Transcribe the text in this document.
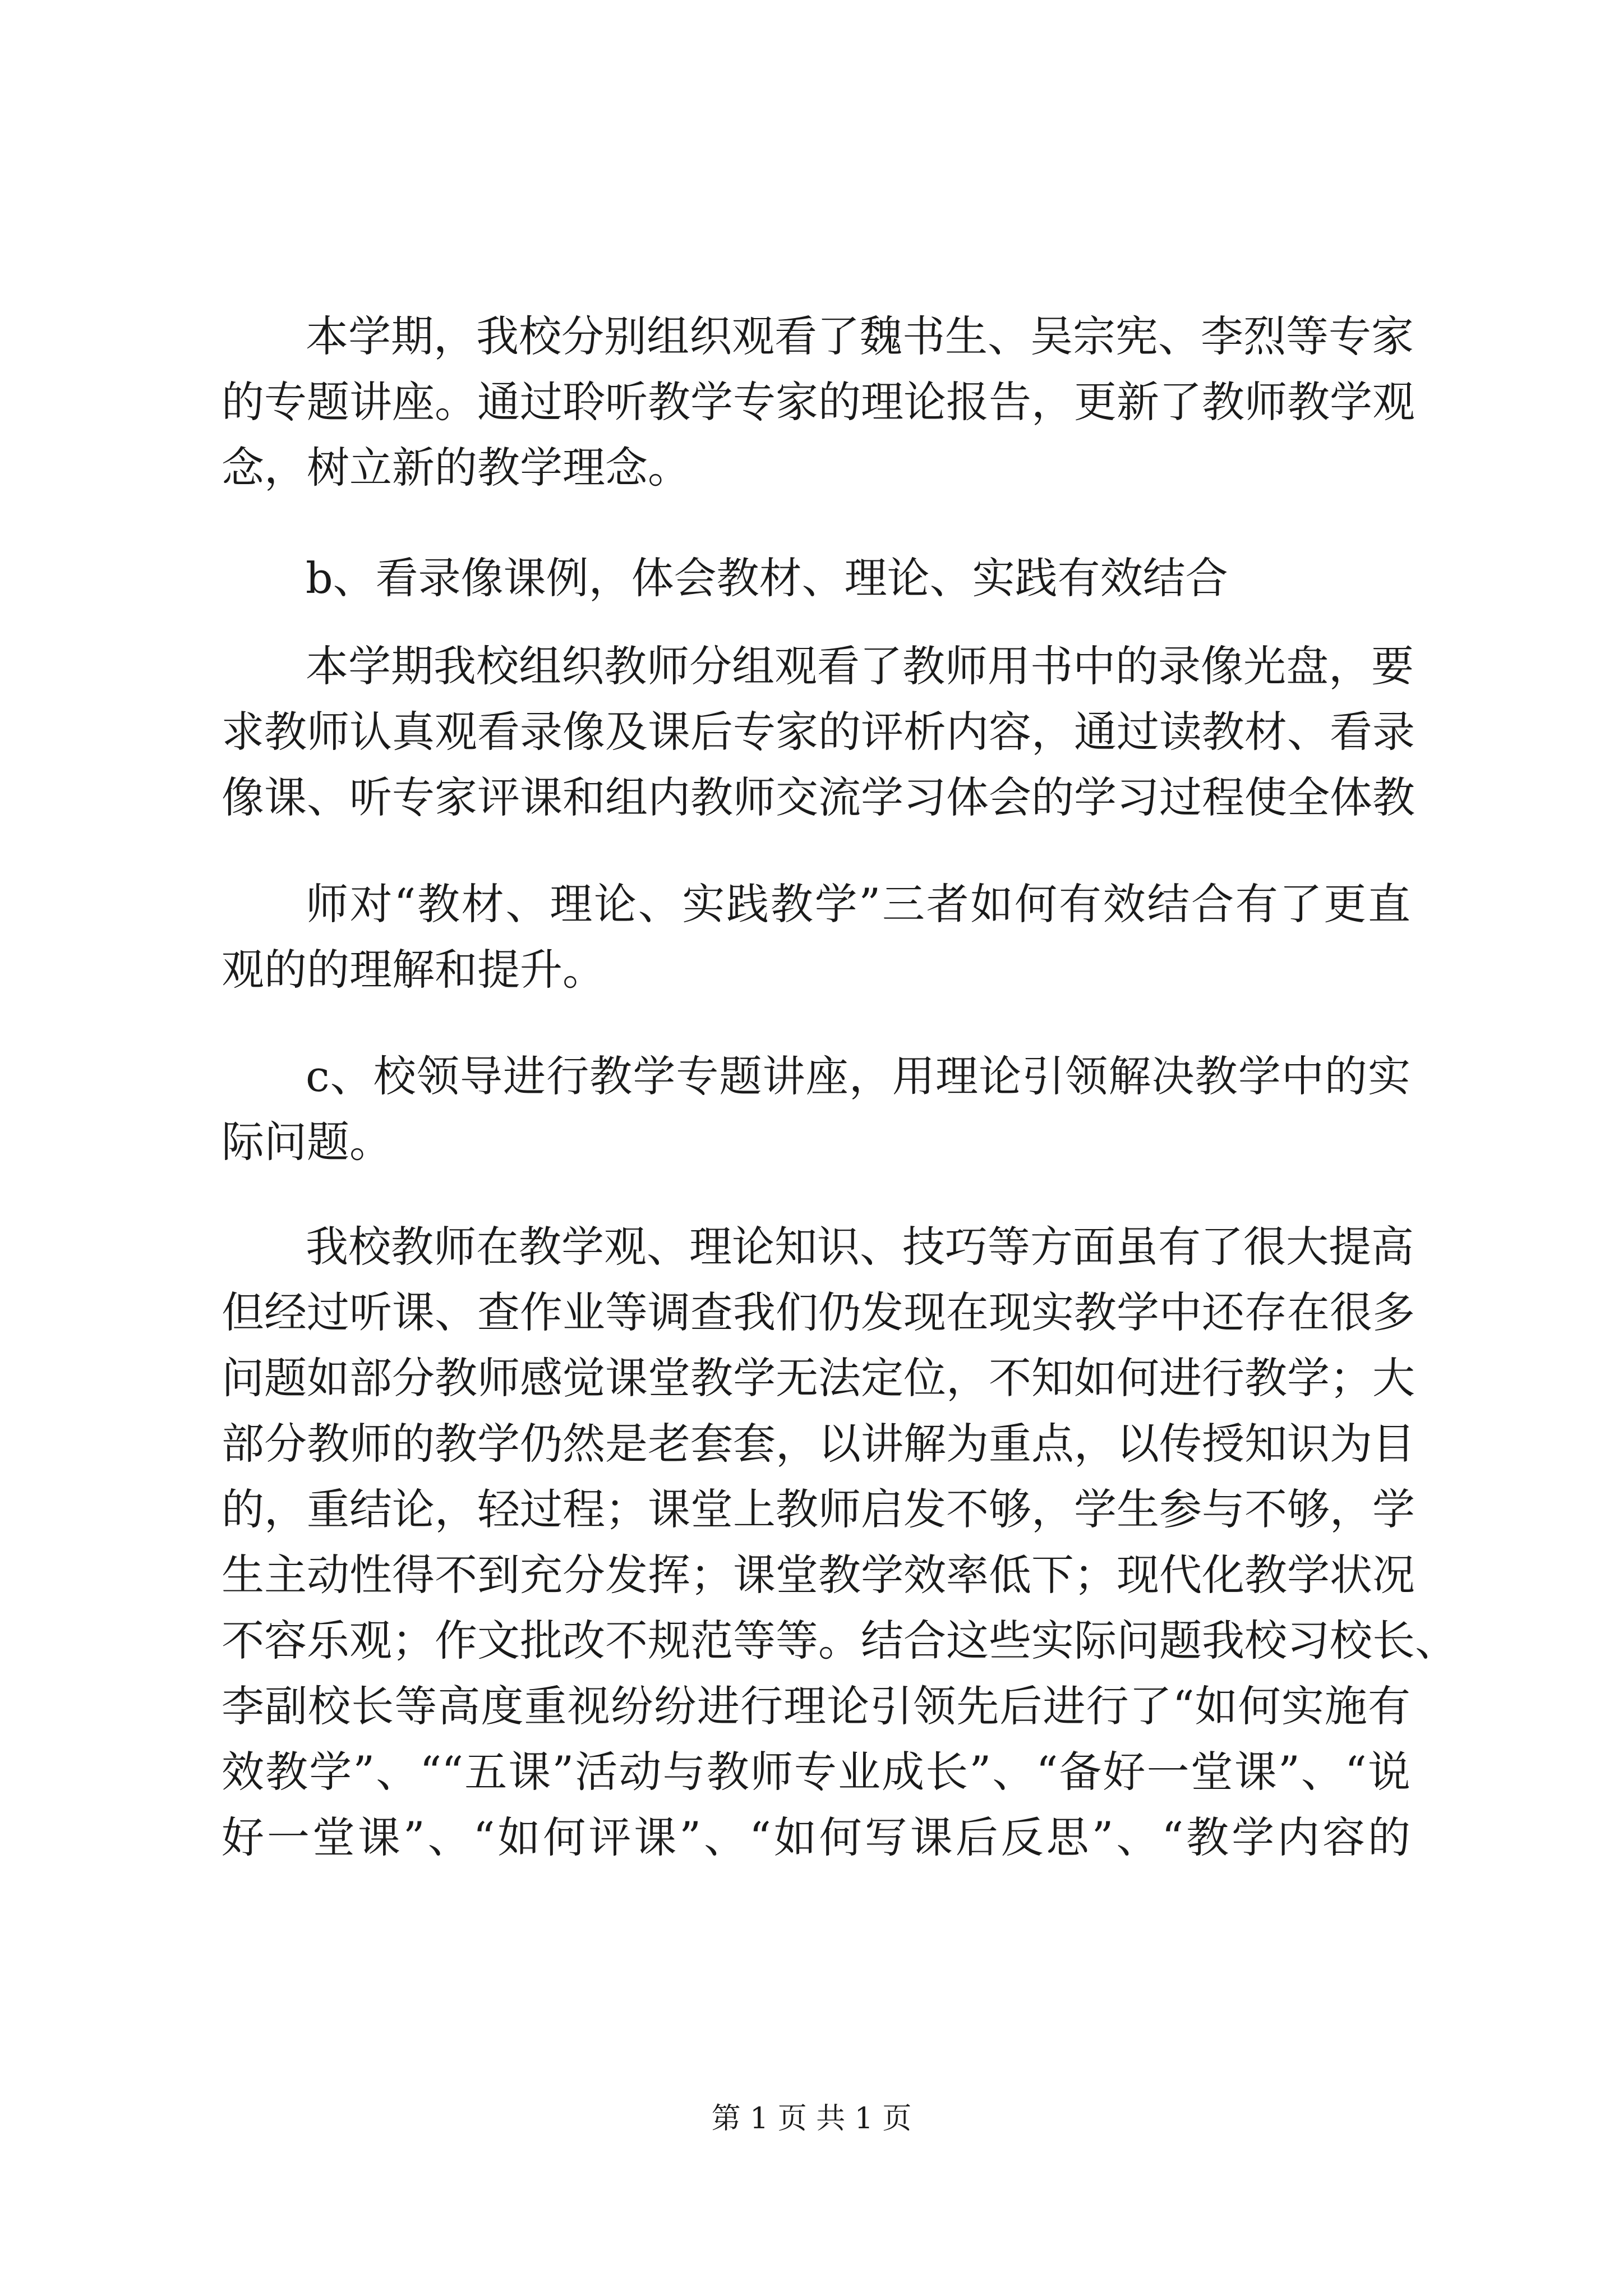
本学期，我校分别组织观看了魏书生、吴宗宪、李烈等专家
的专题讲座。通过聆听教学专家的理论报告，更新了教师教学观
念，树立新的教学理念。
b、看录像课例，体会教材、理论、实践有效结合
本学期我校组织教师分组观看了教师用书中的录像光盘，要
求教师认真观看录像及课后专家的评析内容，通过读教材、看录
像课、听专家评课和组内教师交流学习体会的学习过程使全体教
师对“教材、理论、实践教学”三者如何有效结合有了更直
观的的理解和提升。
c、校领导进行教学专题讲座，用理论引领解决教学中的实
际问题。
我校教师在教学观、理论知识、技巧等方面虽有了很大提高
但经过听课、查作业等调查我们仍发现在现实教学中还存在很多
问题如部分教师感觉课堂教学无法定位，不知如何进行教学；大
部分教师的教学仍然是老套套，以讲解为重点，以传授知识为目
的，重结论，轻过程；课堂上教师启发不够，学生参与不够，学
生主动性得不到充分发挥；课堂教学效率低下；现代化教学状况
不容乐观；作文批改不规范等等。结合这些实际问题我校习校长、
李副校长等高度重视纷纷进行理论引领先后进行了“如何实施有
效教学”、““五课”活动与教师专业成长”、“备好一堂课”、“说
好一堂课”、“如何评课”、“如何写课后反思”、“教学内容的
第 1 页 共 1 页
